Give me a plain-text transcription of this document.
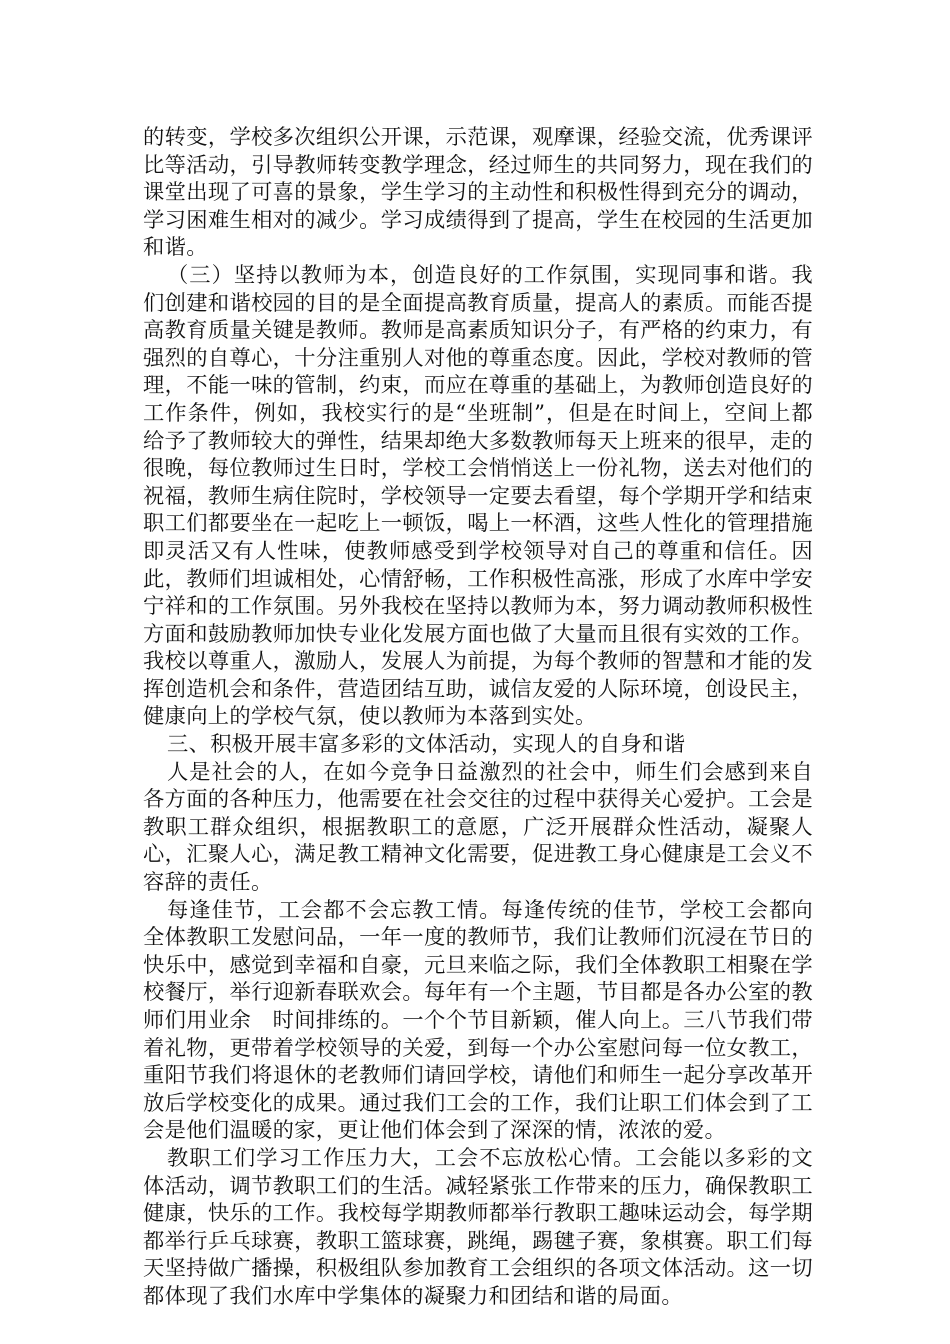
的转变，学校多次组织公开课，示范课，观摩课，经验交流，优秀课评比等活动，引导教师转变教学理念，经过师生的共同努力，现在我们的课堂出现了可喜的景象，学生学习的主动性和积极性得到充分的调动，学习困难生相对的减少。学习成绩得到了提高，学生在校园的生活更加和谐。

（三）坚持以教师为本，创造良好的工作氛围，实现同事和谐。我们创建和谐校园的目的是全面提高教育质量，提高人的素质。而能否提高教育质量关键是教师。教师是高素质知识分子，有严格的约束力，有强烈的自尊心，十分注重别人对他的尊重态度。因此，学校对教师的管理，不能一味的管制，约束，而应在尊重的基础上，为教师创造良好的工作条件，例如，我校实行的是“坐班制”，但是在时间上，空间上都给予了教师较大的弹性，结果却绝大多数教师每天上班来的很早，走的很晚，每位教师过生日时，学校工会悄悄送上一份礼物，送去对他们的祝福，教师生病住院时，学校领导一定要去看望，每个学期开学和结束职工们都要坐在一起吃上一顿饭，喝上一杯酒，这些人性化的管理措施即灵活又有人性味，使教师感受到学校领导对自己的尊重和信任。因此，教师们坦诚相处，心情舒畅，工作积极性高涨，形成了水库中学安宁祥和的工作氛围。另外我校在坚持以教师为本，努力调动教师积极性方面和鼓励教师加快专业化发展方面也做了大量而且很有实效的工作。我校以尊重人，激励人，发展人为前提，为每个教师的智慧和才能的发挥创造机会和条件，营造团结互助，诚信友爱的人际环境，创设民主，健康向上的学校气氛，使以教师为本落到实处。

三、积极开展丰富多彩的文体活动，实现人的自身和谐

人是社会的人，在如今竞争日益激烈的社会中，师生们会感到来自各方面的各种压力，他需要在社会交往的过程中获得关心爱护。工会是教职工群众组织，根据教职工的意愿，广泛开展群众性活动，凝聚人心，汇聚人心，满足教工精神文化需要，促进教工身心健康是工会义不容辞的责任。

每逢佳节，工会都不会忘教工情。每逢传统的佳节，学校工会都向全体教职工发慰问品，一年一度的教师节，我们让教师们沉浸在节日的快乐中，感觉到幸福和自豪，元旦来临之际，我们全体教职工相聚在学校餐厅，举行迎新春联欢会。每年有一个主题，节目都是各办公室的教师们用业余　时间排练的。一个个节目新颖，催人向上。三八节我们带着礼物，更带着学校领导的关爱，到每一个办公室慰问每一位女教工，重阳节我们将退休的老教师们请回学校，请他们和师生一起分享改革开放后学校变化的成果。通过我们工会的工作，我们让职工们体会到了工会是他们温暖的家，更让他们体会到了深深的情，浓浓的爱。

教职工们学习工作压力大，工会不忘放松心情。工会能以多彩的文体活动，调节教职工们的生活。减轻紧张工作带来的压力，确保教职工健康，快乐的工作。我校每学期教师都举行教职工趣味运动会，每学期都举行乒乓球赛，教职工篮球赛，跳绳，踢毽子赛，象棋赛。职工们每天坚持做广播操，积极组队参加教育工会组织的各项文体活动。这一切都体现了我们水库中学集体的凝聚力和团结和谐的局面。
